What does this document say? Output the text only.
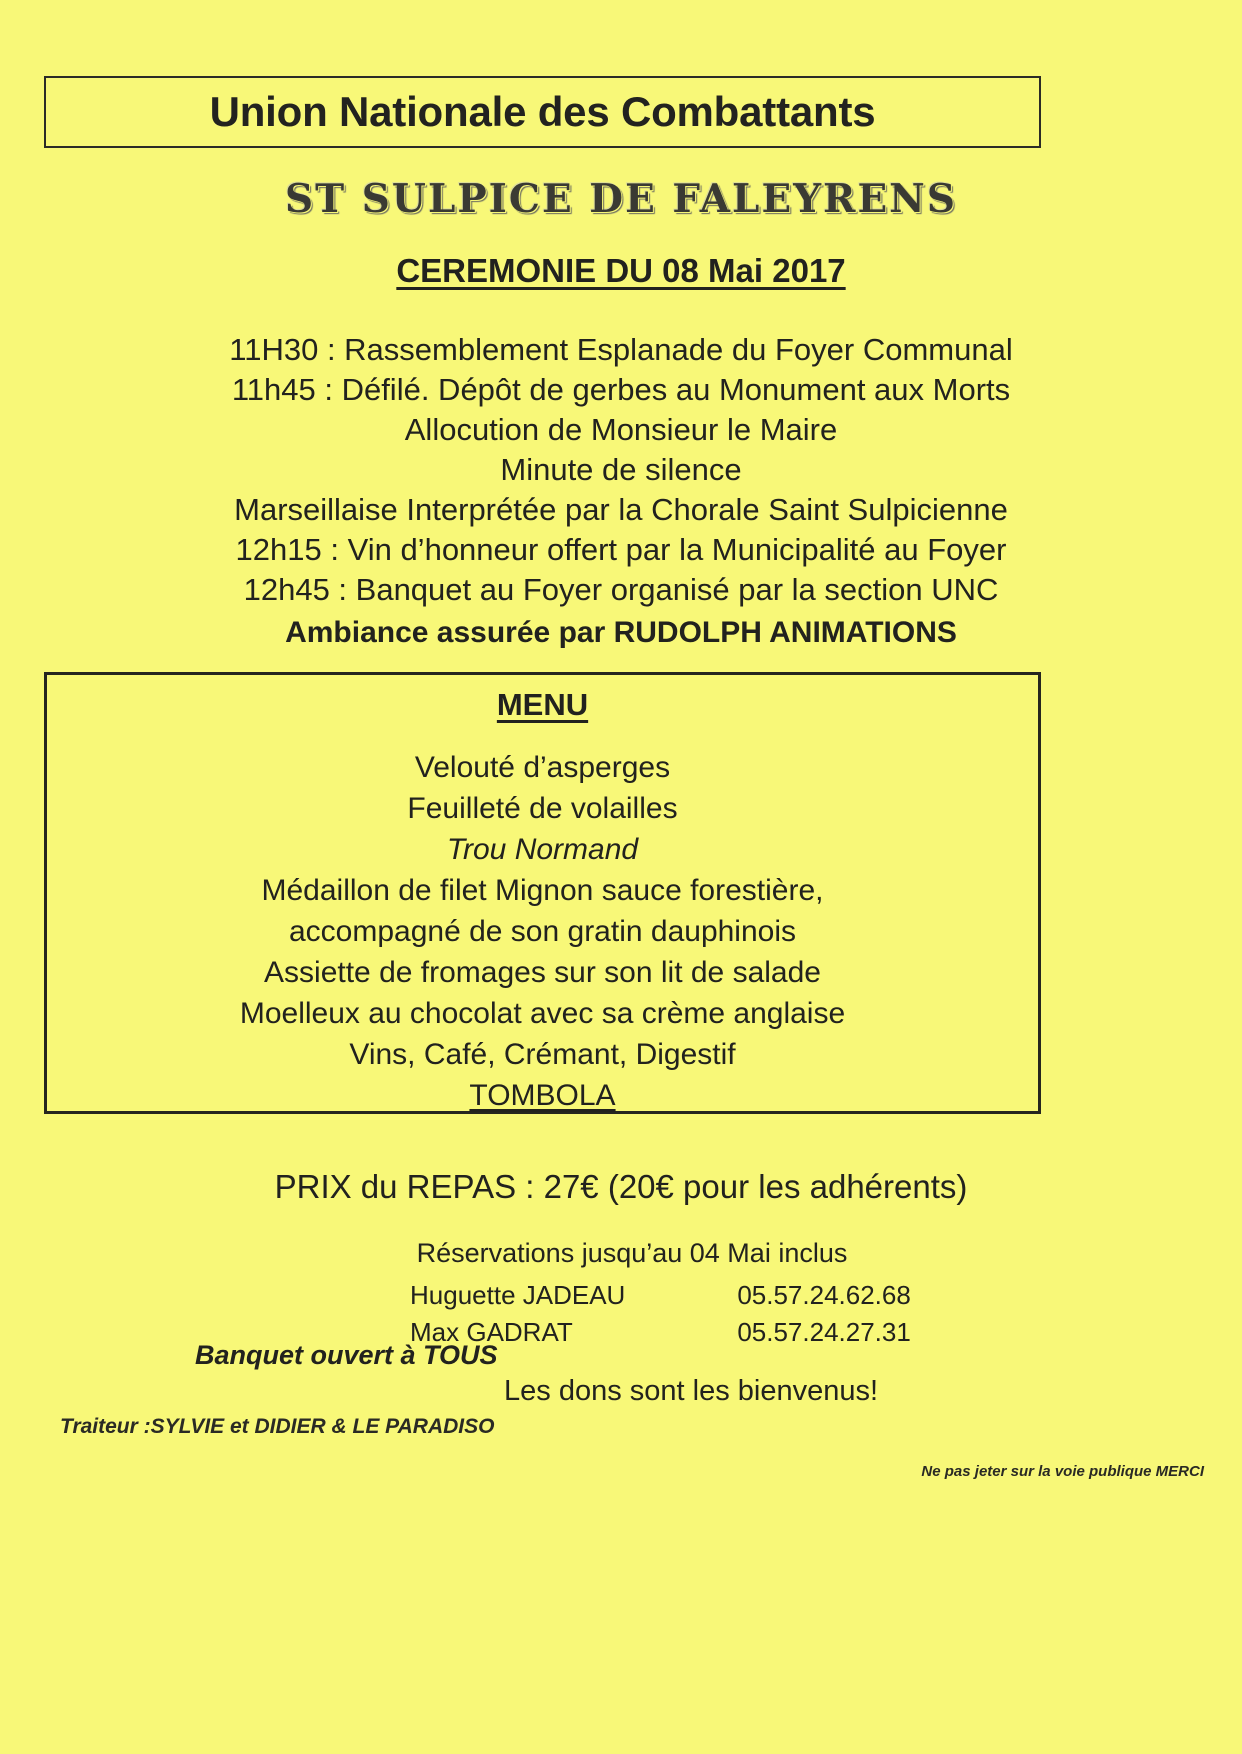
Union Nationale des Combattants
ST SULPICE DE FALEYRENS
CEREMONIE DU 08 Mai 2017
11H30 : Rassemblement Esplanade du Foyer Communal
11h45 : Défilé. Dépôt de gerbes au Monument aux Morts
Allocution de Monsieur le Maire
Minute de silence
Marseillaise Interprétée par la Chorale Saint Sulpicienne
12h15 : Vin d’honneur offert par la Municipalité au Foyer
12h45 : Banquet au Foyer organisé par la section UNC
Ambiance assurée par RUDOLPH ANIMATIONS
MENU
Velouté d’asperges
Feuilleté de volailles
Trou Normand
Médaillon de filet Mignon sauce forestière,
accompagné de son gratin dauphinois
Assiette de fromages sur son lit de salade
Moelleux au chocolat avec sa crème anglaise
Vins, Café, Crémant, Digestif
TOMBOLA
PRIX du REPAS : 27€ (20€ pour les adhérents)
Réservations jusqu’au 04 Mai inclus
Huguette JADEAU	05.57.24.62.68
Max GADRAT	05.57.24.27.31
Banquet ouvert à TOUS
Les dons sont les bienvenus!
Traiteur :SYLVIE et DIDIER & LE PARADISO
Ne pas jeter sur la voie publique MERCI
